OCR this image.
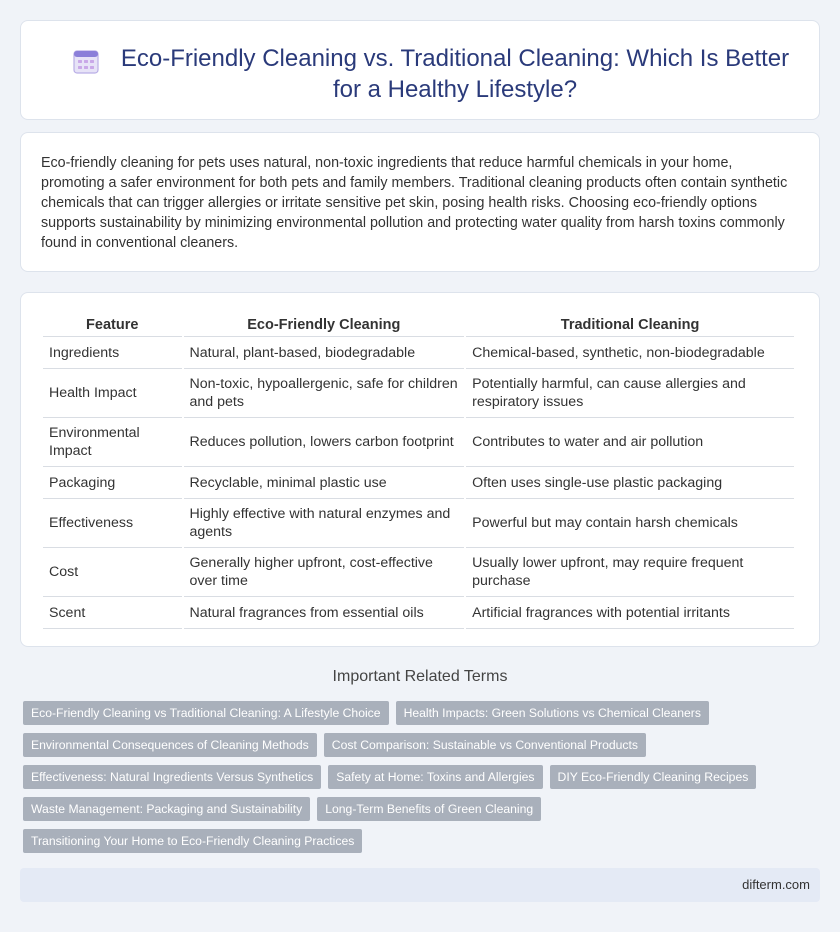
Eco-Friendly Cleaning vs. Traditional Cleaning: Which Is Better for a Healthy Lifestyle?

Eco-friendly cleaning for pets uses natural, non-toxic ingredients that reduce harmful chemicals in your home, promoting a safer environment for both pets and family members. Traditional cleaning products often contain synthetic chemicals that can trigger allergies or irritate sensitive pet skin, posing health risks. Choosing eco-friendly options supports sustainability by minimizing environmental pollution and protecting water quality from harsh toxins commonly found in conventional cleaners.

Feature	Eco-Friendly Cleaning	Traditional Cleaning
Ingredients	Natural, plant-based, biodegradable	Chemical-based, synthetic, non-biodegradable
Health Impact	Non-toxic, hypoallergenic, safe for children and pets	Potentially harmful, can cause allergies and respiratory issues
Environmental Impact	Reduces pollution, lowers carbon footprint	Contributes to water and air pollution
Packaging	Recyclable, minimal plastic use	Often uses single-use plastic packaging
Effectiveness	Highly effective with natural enzymes and agents	Powerful but may contain harsh chemicals
Cost	Generally higher upfront, cost-effective over time	Usually lower upfront, may require frequent purchase
Scent	Natural fragrances from essential oils	Artificial fragrances with potential irritants
Important Related Terms
Eco-Friendly Cleaning vs Traditional Cleaning: A Lifestyle Choice	Health Impacts: Green Solutions vs Chemical Cleaners
Environmental Consequences of Cleaning Methods	Cost Comparison: Sustainable vs Conventional Products
Effectiveness: Natural Ingredients Versus Synthetics	Safety at Home: Toxins and Allergies	DIY Eco-Friendly Cleaning Recipes
Waste Management: Packaging and Sustainability	Long-Term Benefits of Green Cleaning
Transitioning Your Home to Eco-Friendly Cleaning Practices
difterm.com
